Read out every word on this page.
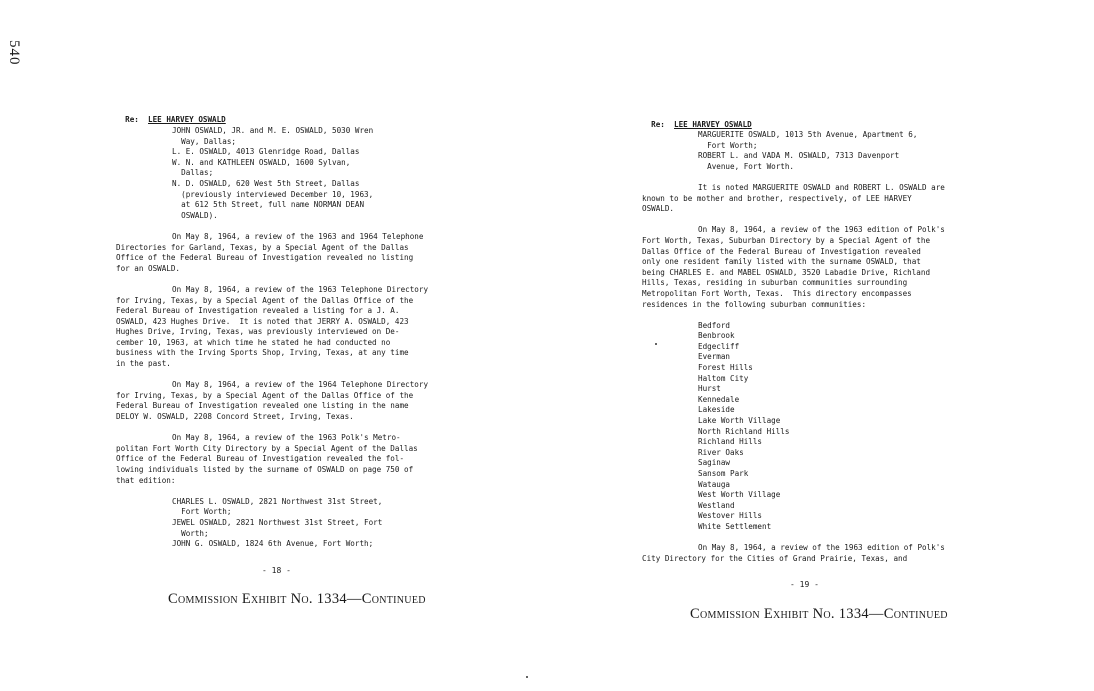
540

Re: LEE HARVEY OSWALD

JOHN OSWALD, JR. and M. E. OSWALD, 5030 Wren
Way, Dallas;
L. E. OSWALD, 4013 Glenridge Road, Dallas
W. N. and KATHLEEN OSWALD, 1600 Sylvan,
Dallas;
N. D. OSWALD, 620 West 5th Street, Dallas
(previously interviewed December 10, 1963,
at 612 5th Street, full name NORMAN DEAN
OSWALD).
On May 8, 1964, a review of the 1963 and 1964 Telephone
Directories for Garland, Texas, by a Special Agent of the Dallas
Office of the Federal Bureau of Investigation revealed no listing
for an OSWALD.
On May 8, 1964, a review of the 1963 Telephone Directory
for Irving, Texas, by a Special Agent of the Dallas Office of the
Federal Bureau of Investigation revealed a listing for a J. A.
OSWALD, 423 Hughes Drive.  It is noted that JERRY A. OSWALD, 423
Hughes Drive, Irving, Texas, was previously interviewed on De-
cember 10, 1963, at which time he stated he had conducted no
business with the Irving Sports Shop, Irving, Texas, at any time
in the past.
On May 8, 1964, a review of the 1964 Telephone Directory
for Irving, Texas, by a Special Agent of the Dallas Office of the
Federal Bureau of Investigation revealed one listing in the name
DELOY W. OSWALD, 2208 Concord Street, Irving, Texas.
On May 8, 1964, a review of the 1963 Polk's Metro-
politan Fort Worth City Directory by a Special Agent of the Dallas
Office of the Federal Bureau of Investigation revealed the fol-
lowing individuals listed by the surname of OSWALD on page 750 of
that edition:
CHARLES L. OSWALD, 2821 Northwest 31st Street,
Fort Worth;
JEWEL OSWALD, 2821 Northwest 31st Street, Fort
Worth;
JOHN G. OSWALD, 1824 6th Avenue, Fort Worth;
- 18 -
Commission Exhibit No. 1334—Continued

Re: LEE HARVEY OSWALD

MARGUERITE OSWALD, 1013 5th Avenue, Apartment 6,
Fort Worth;
ROBERT L. and VADA M. OSWALD, 7313 Davenport
Avenue, Fort Worth.
It is noted MARGUERITE OSWALD and ROBERT L. OSWALD are
known to be mother and brother, respectively, of LEE HARVEY
OSWALD.
On May 8, 1964, a review of the 1963 edition of Polk's
Fort Worth, Texas, Suburban Directory by a Special Agent of the
Dallas Office of the Federal Bureau of Investigation revealed
only one resident family listed with the surname OSWALD, that
being CHARLES E. and MABEL OSWALD, 3520 Labadie Drive, Richland
Hills, Texas, residing in suburban communities surrounding
Metropolitan Fort Worth, Texas.  This directory encompasses
residences in the following suburban communities:
Bedford
Benbrook
Edgecliff
Everman
Forest Hills
Haltom City
Hurst
Kennedale
Lakeside
Lake Worth Village
North Richland Hills
Richland Hills
River Oaks
Saginaw
Sansom Park
Watauga
West Worth Village
Westland
Westover Hills
White Settlement
On May 8, 1964, a review of the 1963 edition of Polk's
City Directory for the Cities of Grand Prairie, Texas, and
- 19 -
Commission Exhibit No. 1334—Continued
